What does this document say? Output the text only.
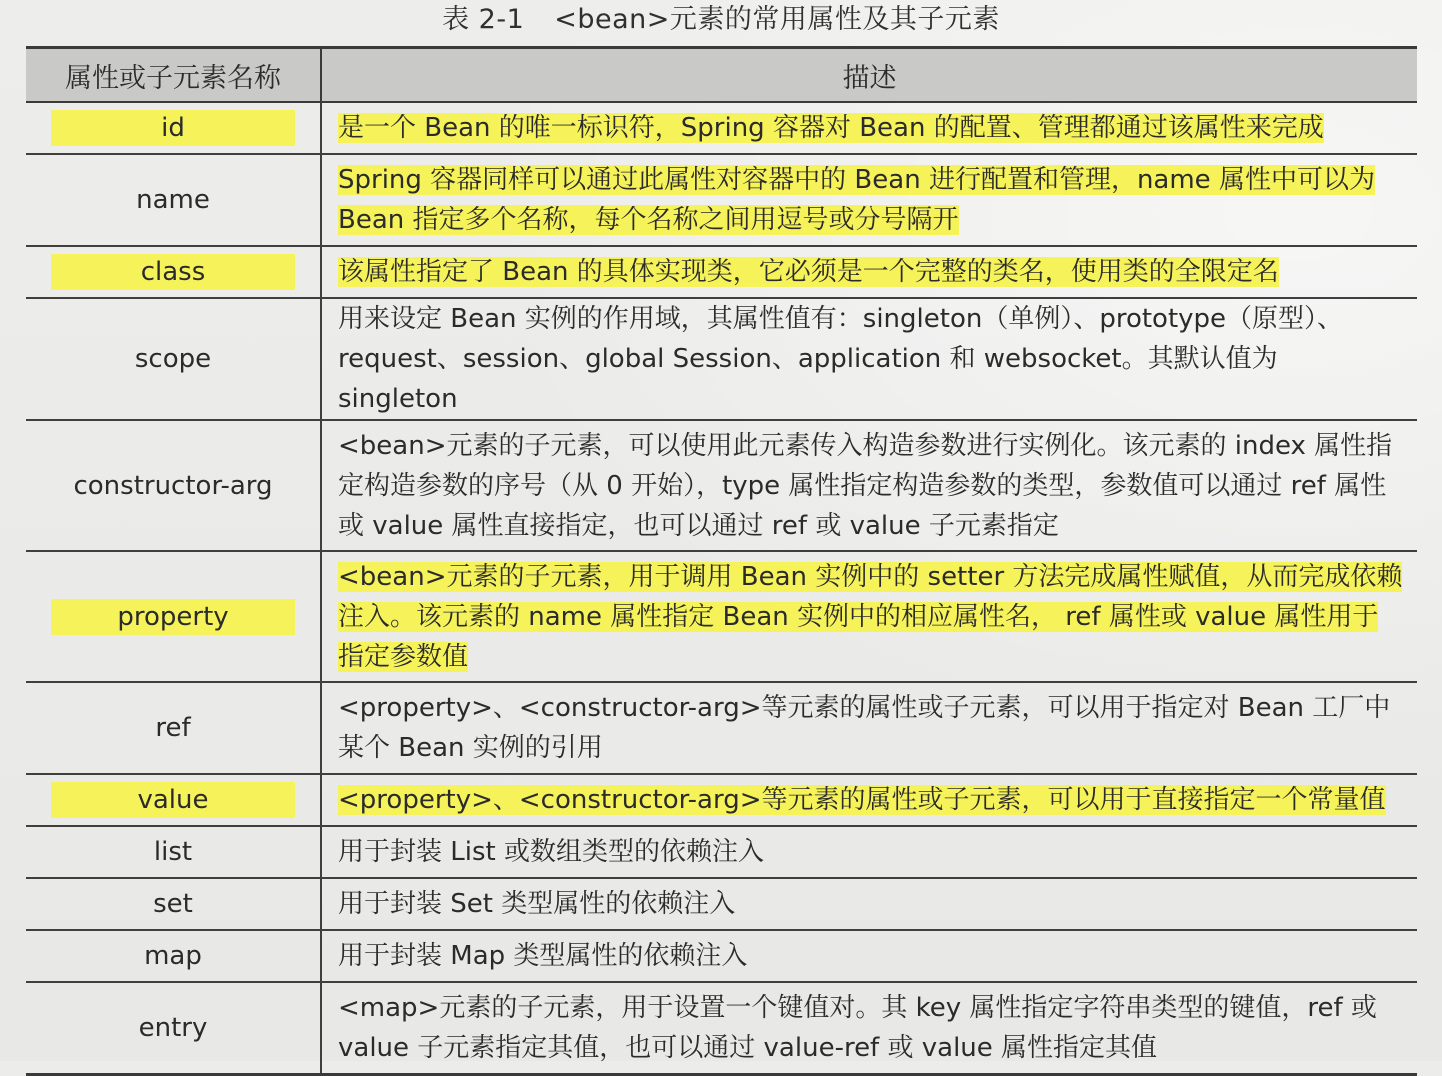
表 2-1 <bean>元素的常用属性及其子元素
属性或子元素名称	描述
id	是一个 Bean 的唯一标识符，Spring 容器对 Bean 的配置、管理都通过该属性来完成
name	Spring 容器同样可以通过此属性对容器中的 Bean 进行配置和管理，name 属性中可以为 Bean 指定多个名称，每个名称之间用逗号或分号隔开
class	该属性指定了 Bean 的具体实现类，它必须是一个完整的类名，使用类的全限定名
scope	用来设定 Bean 实例的作用域，其属性值有：singleton（单例）、prototype（原型）、request、session、global Session、application 和 websocket。其默认值为 singleton
constructor-arg	<bean>元素的子元素，可以使用此元素传入构造参数进行实例化。该元素的 index 属性指定构造参数的序号（从 0 开始），type 属性指定构造参数的类型，参数值可以通过 ref 属性或 value 属性直接指定，也可以通过 ref 或 value 子元素指定
property	<bean>元素的子元素，用于调用 Bean 实例中的 setter 方法完成属性赋值，从而完成依赖注入。该元素的 name 属性指定 Bean 实例中的相应属性名， ref 属性或 value 属性用于指定参数值
ref	<property>、<constructor-arg>等元素的属性或子元素，可以用于指定对 Bean 工厂中某个 Bean 实例的引用
value	<property>、<constructor-arg>等元素的属性或子元素，可以用于直接指定一个常量值
list	用于封装 List 或数组类型的依赖注入
set	用于封装 Set 类型属性的依赖注入
map	用于封装 Map 类型属性的依赖注入
entry	<map>元素的子元素，用于设置一个键值对。其 key 属性指定字符串类型的键值，ref 或 value 子元素指定其值，也可以通过 value-ref 或 value 属性指定其值
